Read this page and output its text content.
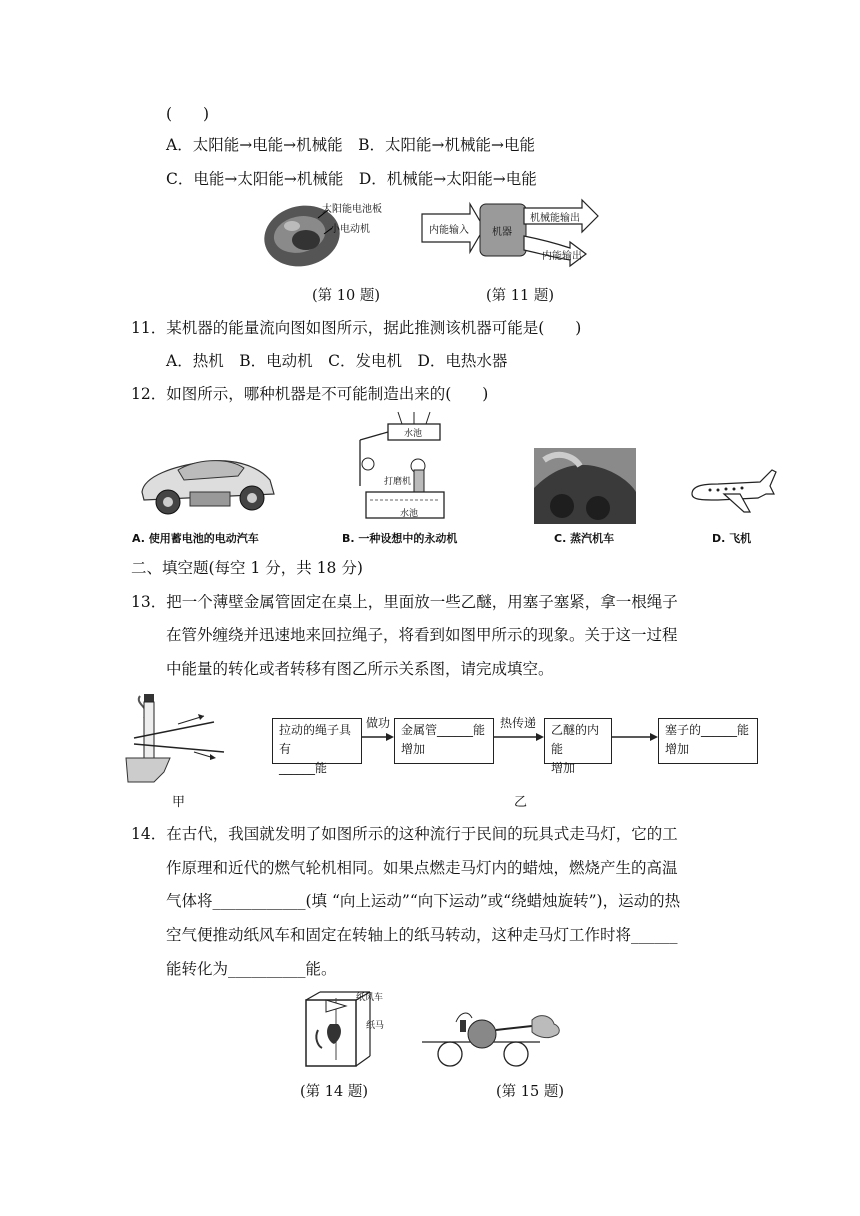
(　　)
A．太阳能→电能→机械能　B．太阳能→机械能→电能
C．电能→太阳能→机械能　D．机械能→太阳能→电能
太阳能电池板
小电动机	内能输入 机器
机械能输出
内能输出
(第 10 题)	(第 11 题)
11．某机器的能量流向图如图所示，据此推测该机器可能是(　　)
A．热机　B．电动机　C．发电机　D．电热水器
12．如图所示，哪种机器是不可能制造出来的(　　)
水池
打磨机
水池
A. 使用蓄电池的电动汽车	B. 一种设想中的永动机	C. 蒸汽机车	D. 飞机
二、填空题(每空 1 分，共 18 分)
13．把一个薄壁金属管固定在桌上，里面放一些乙醚，用塞子塞紧，拿一根绳子
在管外缠绕并迅速地来回拉绳子，将看到如图甲所示的现象。关于这一过程
中能量的转化或者转移有图乙所示关系图，请完成填空。
甲
拉动的绳子具有
______能
做功 金属管______能
增加
热传递 乙醚的内能
增加
塞子的______能
增加
乙
14．在古代，我国就发明了如图所示的这种流行于民间的玩具式走马灯，它的工
作原理和近代的燃气轮机相同。如果点燃走马灯内的蜡烛，燃烧产生的高温
气体将____________(填 “向上运动”“向下运动”或“绕蜡烛旋转”)，运动的热
空气便推动纸风车和固定在转轴上的纸马转动，这种走马灯工作时将______
能转化为__________能。
纸风车
纸马
(第 14 题)	(第 15 题)
